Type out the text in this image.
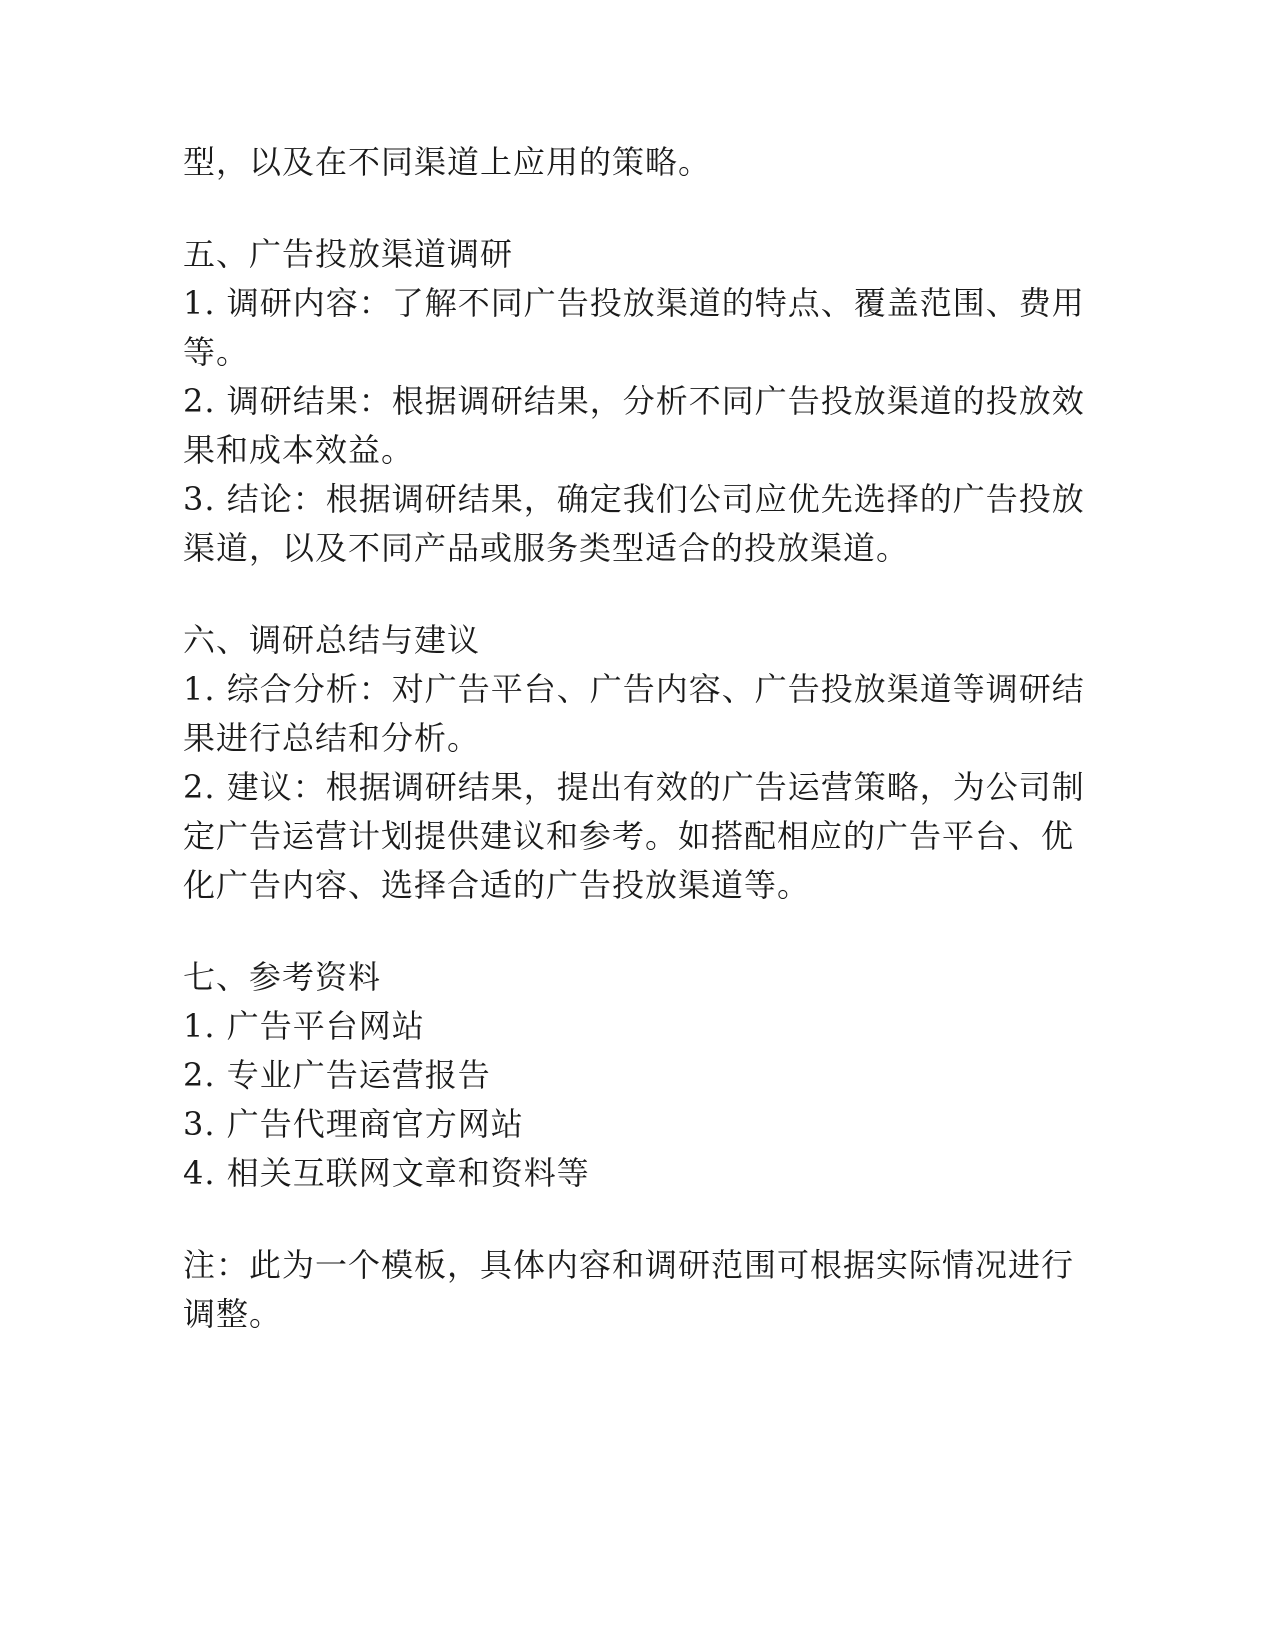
型，以及在不同渠道上应用的策略。
五、广告投放渠道调研
1. 调研内容：了解不同广告投放渠道的特点、覆盖范围、费用
等。
2. 调研结果：根据调研结果，分析不同广告投放渠道的投放效
果和成本效益。
3. 结论：根据调研结果，确定我们公司应优先选择的广告投放
渠道，以及不同产品或服务类型适合的投放渠道。
六、调研总结与建议
1. 综合分析：对广告平台、广告内容、广告投放渠道等调研结
果进行总结和分析。
2. 建议：根据调研结果，提出有效的广告运营策略，为公司制
定广告运营计划提供建议和参考。如搭配相应的广告平台、优
化广告内容、选择合适的广告投放渠道等。
七、参考资料
1. 广告平台网站
2. 专业广告运营报告
3. 广告代理商官方网站
4. 相关互联网文章和资料等
注：此为一个模板，具体内容和调研范围可根据实际情况进行
调整。
